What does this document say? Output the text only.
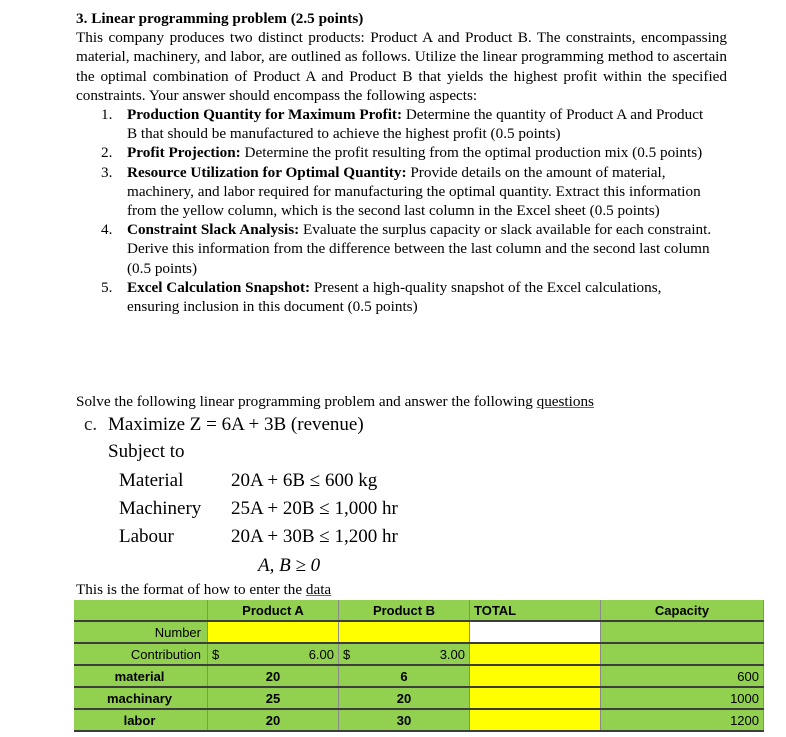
3. Linear programming problem (2.5 points)
This company produces two distinct products: Product A and Product B. The constraints, encompassing material, machinery, and labor, are outlined as follows. Utilize the linear programming method to ascertain the optimal combination of Product A and Product B that yields the highest profit within the specified constraints. Your answer should encompass the following aspects:
1. Production Quantity for Maximum Profit: Determine the quantity of Product A and Product B that should be manufactured to achieve the highest profit (0.5 points)
2. Profit Projection: Determine the profit resulting from the optimal production mix (0.5 points)
3. Resource Utilization for Optimal Quantity: Provide details on the amount of material, machinery, and labor required for manufacturing the optimal quantity. Extract this information from the yellow column, which is the second last column in the Excel sheet (0.5 points)
4. Constraint Slack Analysis: Evaluate the surplus capacity or slack available for each constraint. Derive this information from the difference between the last column and the second last column (0.5 points)
5. Excel Calculation Snapshot: Present a high-quality snapshot of the Excel calculations, ensuring inclusion in this document (0.5 points)
Solve the following linear programming problem and answer the following questions
c. Maximize Z = 6A + 3B (revenue)
Subject to
Material	20A + 6B ≤ 600 kg
Machinery 25A + 20B ≤ 1,000 hr
Labour	20A + 30B ≤ 1,200 hr
A, B ≥ 0
This is the format of how to enter the data
	Product A	Product B	TOTAL	Capacity
Number				
Contribution	$ 6.00	$ 3.00		

material	20	6		600
machinary	25	20		1000
labor	20	30		1200
